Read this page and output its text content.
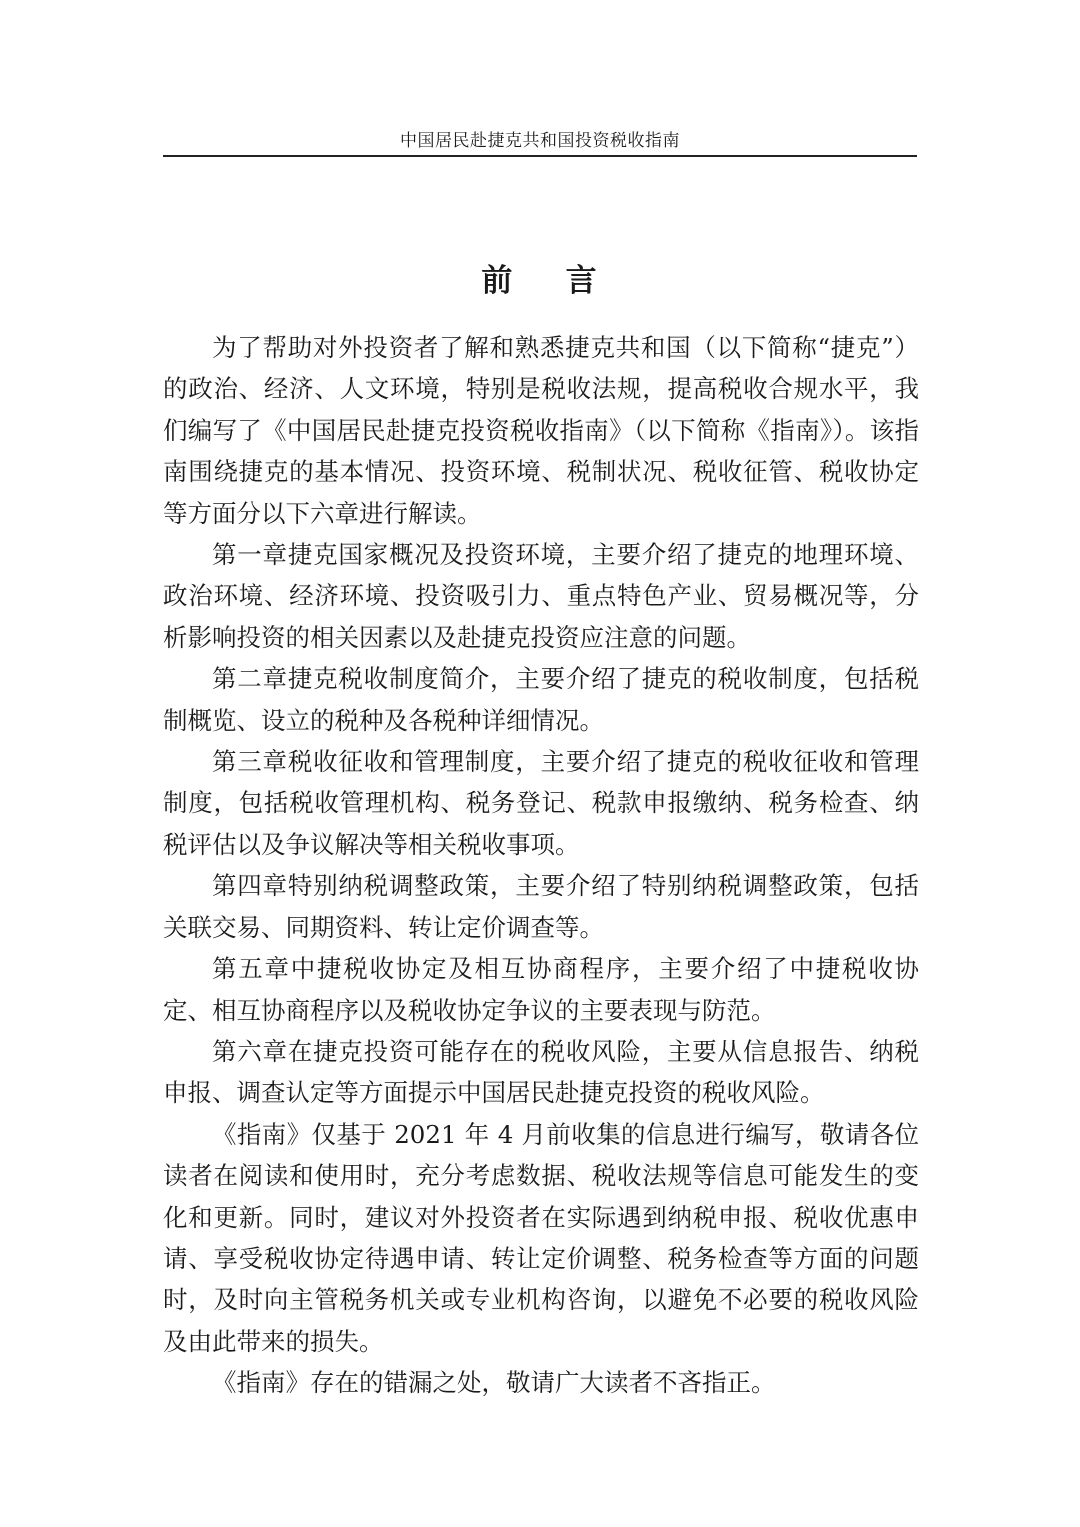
中国居民赴捷克共和国投资税收指南
前    言

为了帮助对外投资者了解和熟悉捷克共和国（以下简称“捷克”）的政治、经济、人文环境，特别是税收法规，提高税收合规水平，我们编写了《中国居民赴捷克投资税收指南》（以下简称《指南》）。该指南围绕捷克的基本情况、投资环境、税制状况、税收征管、税收协定等方面分以下六章进行解读。

第一章捷克国家概况及投资环境，主要介绍了捷克的地理环境、政治环境、经济环境、投资吸引力、重点特色产业、贸易概况等，分析影响投资的相关因素以及赴捷克投资应注意的问题。

第二章捷克税收制度简介，主要介绍了捷克的税收制度，包括税制概览、设立的税种及各税种详细情况。

第三章税收征收和管理制度，主要介绍了捷克的税收征收和管理制度，包括税收管理机构、税务登记、税款申报缴纳、税务检查、纳税评估以及争议解决等相关税收事项。

第四章特别纳税调整政策，主要介绍了特别纳税调整政策，包括关联交易、同期资料、转让定价调查等。

第五章中捷税收协定及相互协商程序，主要介绍了中捷税收协定、相互协商程序以及税收协定争议的主要表现与防范。

第六章在捷克投资可能存在的税收风险，主要从信息报告、纳税申报、调查认定等方面提示中国居民赴捷克投资的税收风险。

《指南》仅基于 2021 年 4 月前收集的信息进行编写，敬请各位读者在阅读和使用时，充分考虑数据、税收法规等信息可能发生的变化和更新。同时，建议对外投资者在实际遇到纳税申报、税收优惠申请、享受税收协定待遇申请、转让定价调整、税务检查等方面的问题时，及时向主管税务机关或专业机构咨询，以避免不必要的税收风险及由此带来的损失。

《指南》存在的错漏之处，敬请广大读者不吝指正。
